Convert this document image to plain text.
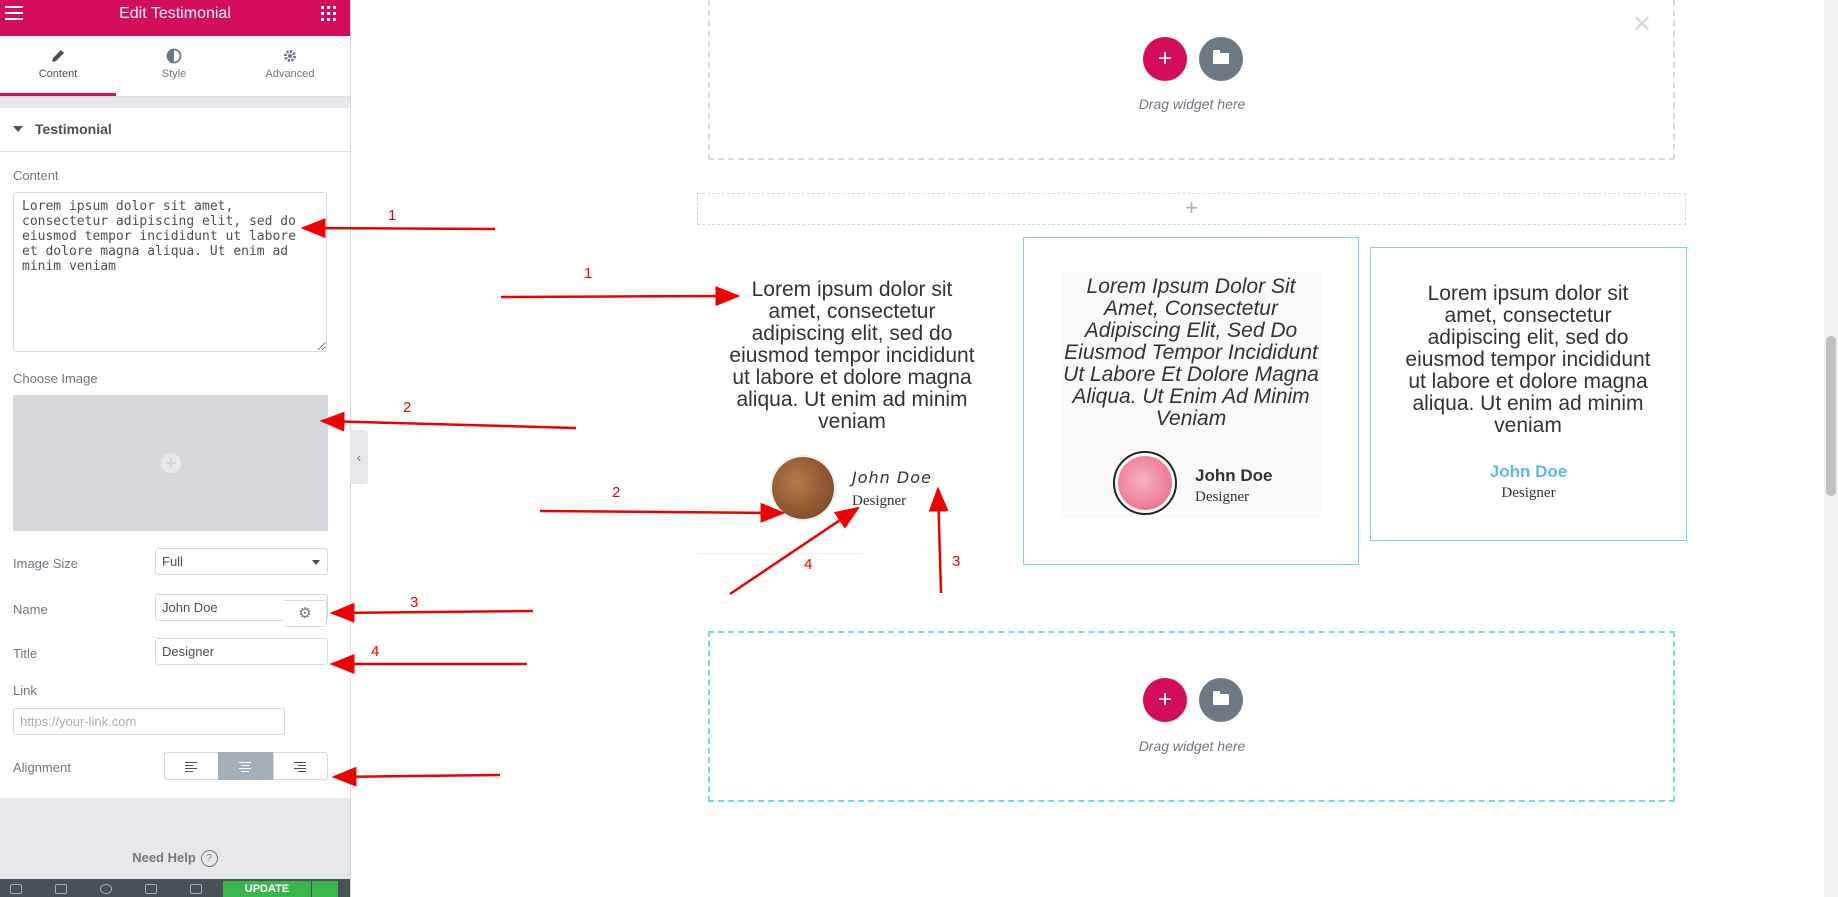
Edit Testimonial
Content	Style	Advanced
Testimonial
Content
Lorem ipsum dolor sit amet, consectetur adipiscing elit, sed do eiusmod tempor incididunt ut labore et dolore magna aliqua. Ut enim ad minim veniam
Choose Image
+
Image Size	Full
Name	John Doe
Title	Designer
Link
https://your-link.com
⚙
Alignment
Need Help ?
UPDATE
‹
✕
+
Drag widget here
+
Lorem ipsum dolor sit amet, consectetur adipiscing elit, sed do eiusmod tempor incididunt ut labore et dolore magna aliqua. Ut enim ad minim veniam
John Doe
Designer
Lorem Ipsum Dolor Sit Amet, Consectetur Adipiscing Elit, Sed Do Eiusmod Tempor Incididunt Ut Labore Et Dolore Magna Aliqua. Ut Enim Ad Minim Veniam
John Doe
Designer
Lorem ipsum dolor sit amet, consectetur adipiscing elit, sed do eiusmod tempor incididunt ut labore et dolore magna aliqua. Ut enim ad minim veniam
John Doe
Designer
+
Drag widget here
1
1
2
2
3
3
4
4
